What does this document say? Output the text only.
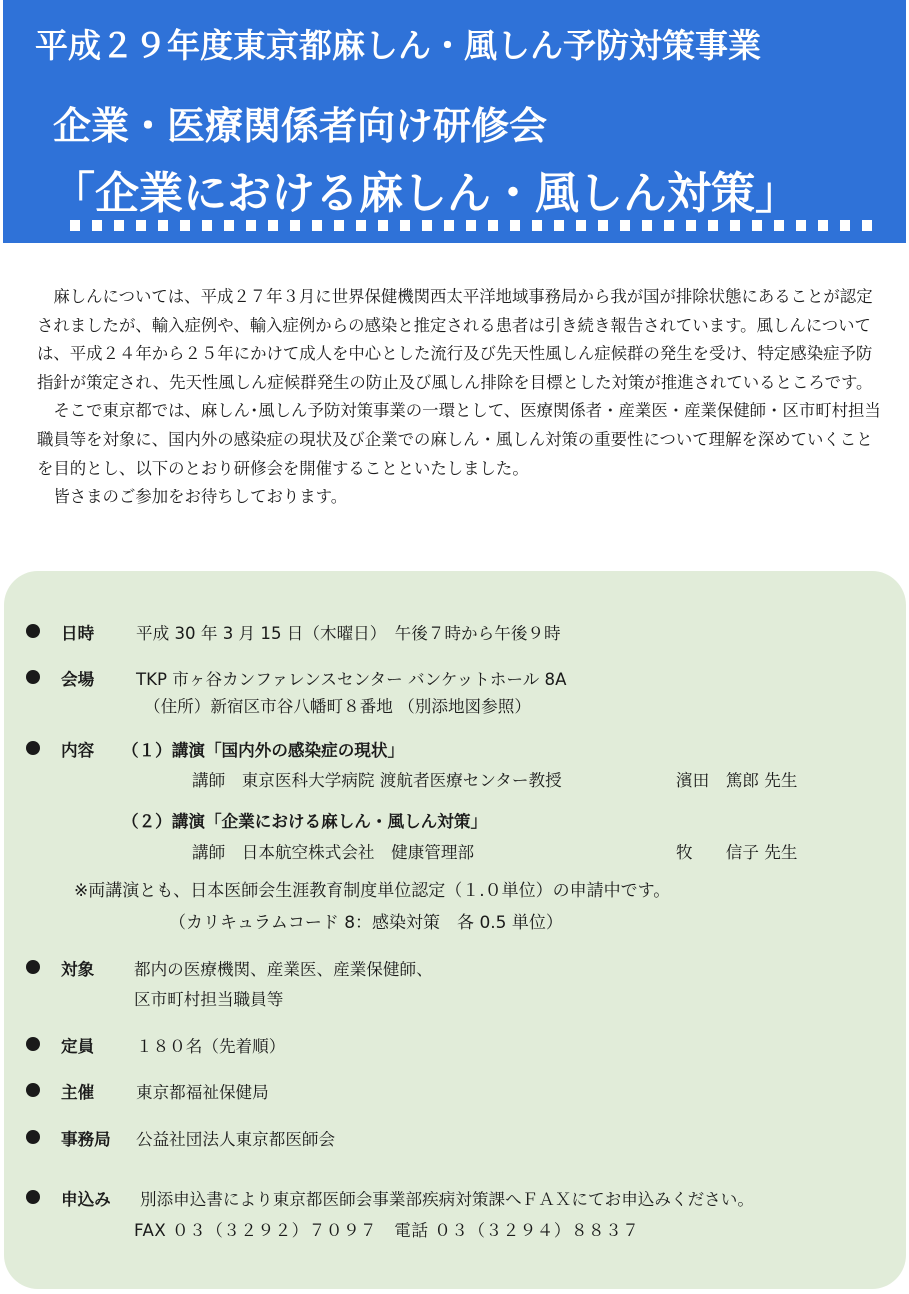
平成２９年度東京都麻しん・風しん予防対策事業
企業・医療関係者向け研修会
「企業における麻しん・風しん対策」

麻しんについては、平成２７年３月に世界保健機関西太平洋地域事務局から我が国が排除状態にあることが認定されましたが、輸入症例や、輸入症例からの感染と推定される患者は引き続き報告されています。風しんについては、平成２４年から２５年にかけて成人を中心とした流行及び先天性風しん症候群の発生を受け、特定感染症予防指針が策定され、先天性風しん症候群発生の防止及び風しん排除を目標とした対策が推進されているところです。

そこで東京都では、麻しん･風しん予防対策事業の一環として、医療関係者・産業医・産業保健師・区市町村担当職員等を対象に、国内外の感染症の現状及び企業での麻しん・風しん対策の重要性について理解を深めていくことを目的とし、以下のとおり研修会を開催することといたしました。

皆さまのご参加をお待ちしております。

日時	平成 30 年 3 月 15 日（木曜日）　午後７時から午後９時
会場	TKP 市ヶ谷カンファレンスセンター バンケットホール 8A
（住所）新宿区市谷八幡町８番地 （別添地図参照）
内容 （１）講演「国内外の感染症の現状」
講師　東京医科大学病院 渡航者医療センター教授	濱田　篤郎 先生
（２）講演「企業における麻しん・風しん対策」
講師　日本航空株式会社　健康管理部	牧　　信子 先生
※両講演とも、日本医師会生涯教育制度単位認定（１.０単位）の申請中です。
（カリキュラムコード 8：感染対策　各 0.5 単位）
対象 都内の医療機関、産業医、産業保健師、
区市町村担当職員等
定員	１８０名（先着順）
主催	東京都福祉保健局
事務局 公益社団法人東京都医師会
申込み 別添申込書により東京都医師会事業部疾病対策課へＦＡＸにてお申込みください。
FAX ０３（３２９２）７０９７　電話 ０３（３２９４）８８３７
